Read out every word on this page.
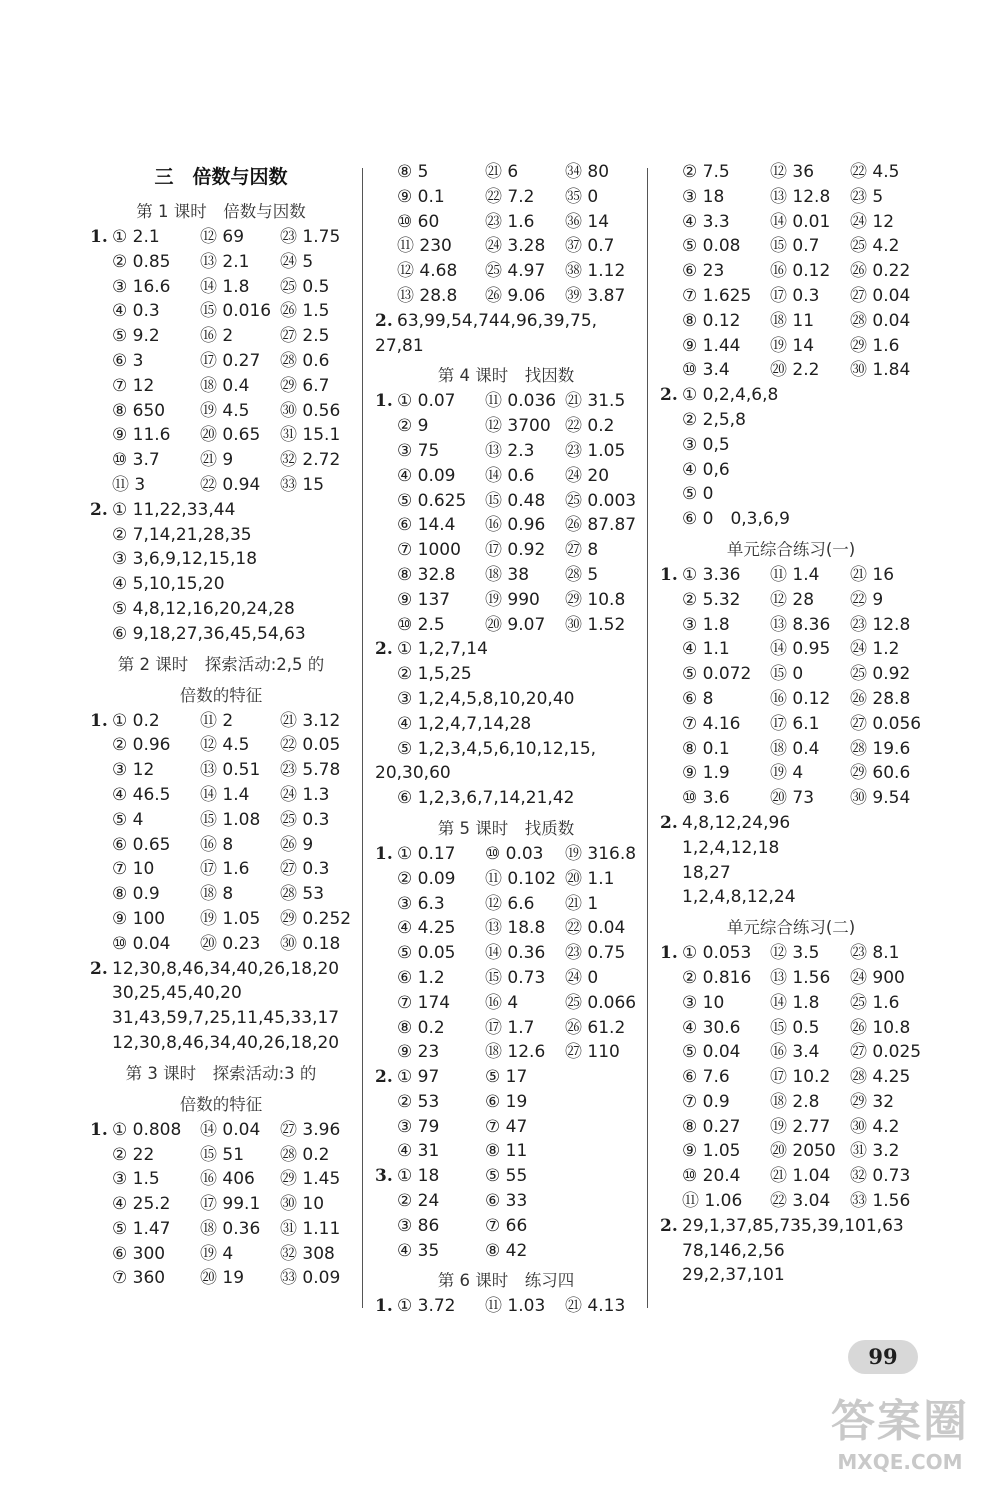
三　倍数与因数
第 1 课时　倍数与因数
1. ① 2.1 ⑫ 69 ㉓ 1.75
② 0.85 ⑬ 2.1 ㉔ 5
③ 16.6 ⑭ 1.8 ㉕ 0.5
④ 0.3 ⑮ 0.016 ㉖ 1.5
⑤ 9.2 ⑯ 2	㉗ 2.5
⑥ 3	⑰ 0.27 ㉘ 0.6
⑦ 12	⑱ 0.4 ㉙ 6.7
⑧ 650 ⑲ 4.5 ㉚ 0.56
⑨ 11.6 ⑳ 0.65 ㉛ 15.1
⑩ 3.7 ㉑ 9	㉜ 2.72
⑪ 3	㉒ 0.94 ㉝ 15
2. ① 11,22,33,44
② 7,14,21,28,35
③ 3,6,9,12,15,18
④ 5,10,15,20
⑤ 4,8,12,16,20,24,28
⑥ 9,18,27,36,45,54,63
第 2 课时　探索活动:2,5 的
倍数的特征
1. ① 0.2 ⑪ 2	㉑ 3.12
② 0.96 ⑫ 4.5 ㉒ 0.05
③ 12	⑬ 0.51 ㉓ 5.78
④ 46.5 ⑭ 1.4 ㉔ 1.3
⑤ 4	⑮ 1.08 ㉕ 0.3
⑥ 0.65 ⑯ 8	㉖ 9
⑦ 10	⑰ 1.6 ㉗ 0.3
⑧ 0.9 ⑱ 8	㉘ 53
⑨ 100 ⑲ 1.05 ㉙ 0.252
⑩ 0.04 ⑳ 0.23 ㉚ 0.18
2. 12,30,8,46,34,40,26,18,20
30,25,45,40,20
31,43,59,7,25,11,45,33,17
12,30,8,46,34,40,26,18,20
第 3 课时　探索活动:3 的
倍数的特征
1. ① 0.808 ⑭ 0.04 ㉗ 3.96
② 22	⑮ 51 ㉘ 0.2
③ 1.5 ⑯ 406 ㉙ 1.45
④ 25.2 ⑰ 99.1 ㉚ 10
⑤ 1.47 ⑱ 0.36 ㉛ 1.11
⑥ 300 ⑲ 4	㉜ 308
⑦ 360 ⑳ 19 ㉝ 0.09
⑧ 5	㉑ 6	㉞ 80
⑨ 0.1 ㉒ 7.2 ㉟ 0
⑩ 60	㉓ 1.6 ㊱ 14
⑪ 230 ㉔ 3.28 ㊲ 0.7
⑫ 4.68 ㉕ 4.97 ㊳ 1.12
⑬ 28.8 ㉖ 9.06 ㊴ 3.87
2. 63,99,54,744,96,39,75,
27,81
第 4 课时　找因数
1. ① 0.07 ⑪ 0.036 ㉑ 31.5
② 9	⑫ 3700 ㉒ 0.2
③ 75	⑬ 2.3 ㉓ 1.05
④ 0.09 ⑭ 0.6 ㉔ 20
⑤ 0.625 ⑮ 0.48 ㉕ 0.003
⑥ 14.4 ⑯ 0.96 ㉖ 87.87
⑦ 1000 ⑰ 0.92 ㉗ 8
⑧ 32.8 ⑱ 38 ㉘ 5
⑨ 137 ⑲ 990 ㉙ 10.8
⑩ 2.5 ⑳ 9.07 ㉚ 1.52
2. ① 1,2,7,14
② 1,5,25
③ 1,2,4,5,8,10,20,40
④ 1,2,4,7,14,28
⑤ 1,2,3,4,5,6,10,12,15,
20,30,60
⑥ 1,2,3,6,7,14,21,42
第 5 课时　找质数
1. ① 0.17 ⑩ 0.03 ⑲ 316.8
② 0.09 ⑪ 0.102 ⑳ 1.1
③ 6.3 ⑫ 6.6 ㉑ 1
④ 4.25 ⑬ 18.8 ㉒ 0.04
⑤ 0.05 ⑭ 0.36 ㉓ 0.75
⑥ 1.2 ⑮ 0.73 ㉔ 0
⑦ 174 ⑯ 4	㉕ 0.066
⑧ 0.2 ⑰ 1.7 ㉖ 61.2
⑨ 23	⑱ 12.6 ㉗ 110
2. ① 97	⑤ 17
② 53	⑥ 19
③ 79	⑦ 47
④ 31	⑧ 11
3. ① 18	⑤ 55
② 24	⑥ 33
③ 86	⑦ 66
④ 35	⑧ 42
第 6 课时　练习四
1. ① 3.72 ⑪ 1.03 ㉑ 4.13
② 7.5 ⑫ 36 ㉒ 4.5
③ 18	⑬ 12.8 ㉓ 5
④ 3.3 ⑭ 0.01 ㉔ 12
⑤ 0.08 ⑮ 0.7 ㉕ 4.2
⑥ 23	⑯ 0.12 ㉖ 0.22
⑦ 1.625 ⑰ 0.3 ㉗ 0.04
⑧ 0.12 ⑱ 11 ㉘ 0.04
⑨ 1.44 ⑲ 14 ㉙ 1.6
⑩ 3.4 ⑳ 2.2 ㉚ 1.84
2. ① 0,2,4,6,8
② 2,5,8
③ 0,5
④ 0,6
⑤ 0
⑥ 0　0,3,6,9
单元综合练习(一)
1. ① 3.36 ⑪ 1.4 ㉑ 16
② 5.32 ⑫ 28 ㉒ 9
③ 1.8 ⑬ 8.36 ㉓ 12.8
④ 1.1 ⑭ 0.95 ㉔ 1.2
⑤ 0.072 ⑮ 0	㉕ 0.92
⑥ 8	⑯ 0.12 ㉖ 28.8
⑦ 4.16 ⑰ 6.1 ㉗ 0.056
⑧ 0.1 ⑱ 0.4 ㉘ 19.6
⑨ 1.9 ⑲ 4	㉙ 60.6
⑩ 3.6 ⑳ 73 ㉚ 9.54
2. 4,8,12,24,96
1,2,4,12,18
18,27
1,2,4,8,12,24
单元综合练习(二)
1. ① 0.053 ⑫ 3.5 ㉓ 8.1
② 0.816 ⑬ 1.56 ㉔ 900
③ 10	⑭ 1.8 ㉕ 1.6
④ 30.6 ⑮ 0.5 ㉖ 10.8
⑤ 0.04 ⑯ 3.4 ㉗ 0.025
⑥ 7.6 ⑰ 10.2 ㉘ 4.25
⑦ 0.9 ⑱ 2.8 ㉙ 32
⑧ 0.27 ⑲ 2.77 ㉚ 4.2
⑨ 1.05 ⑳ 2050 ㉛ 3.2
⑩ 20.4 ㉑ 1.04 ㉜ 0.73
⑪ 1.06 ㉒ 3.04 ㉝ 1.56
2. 29,1,37,85,735,39,101,63
78,146,2,56
29,2,37,101
99
答案圈
MXQE.COM
